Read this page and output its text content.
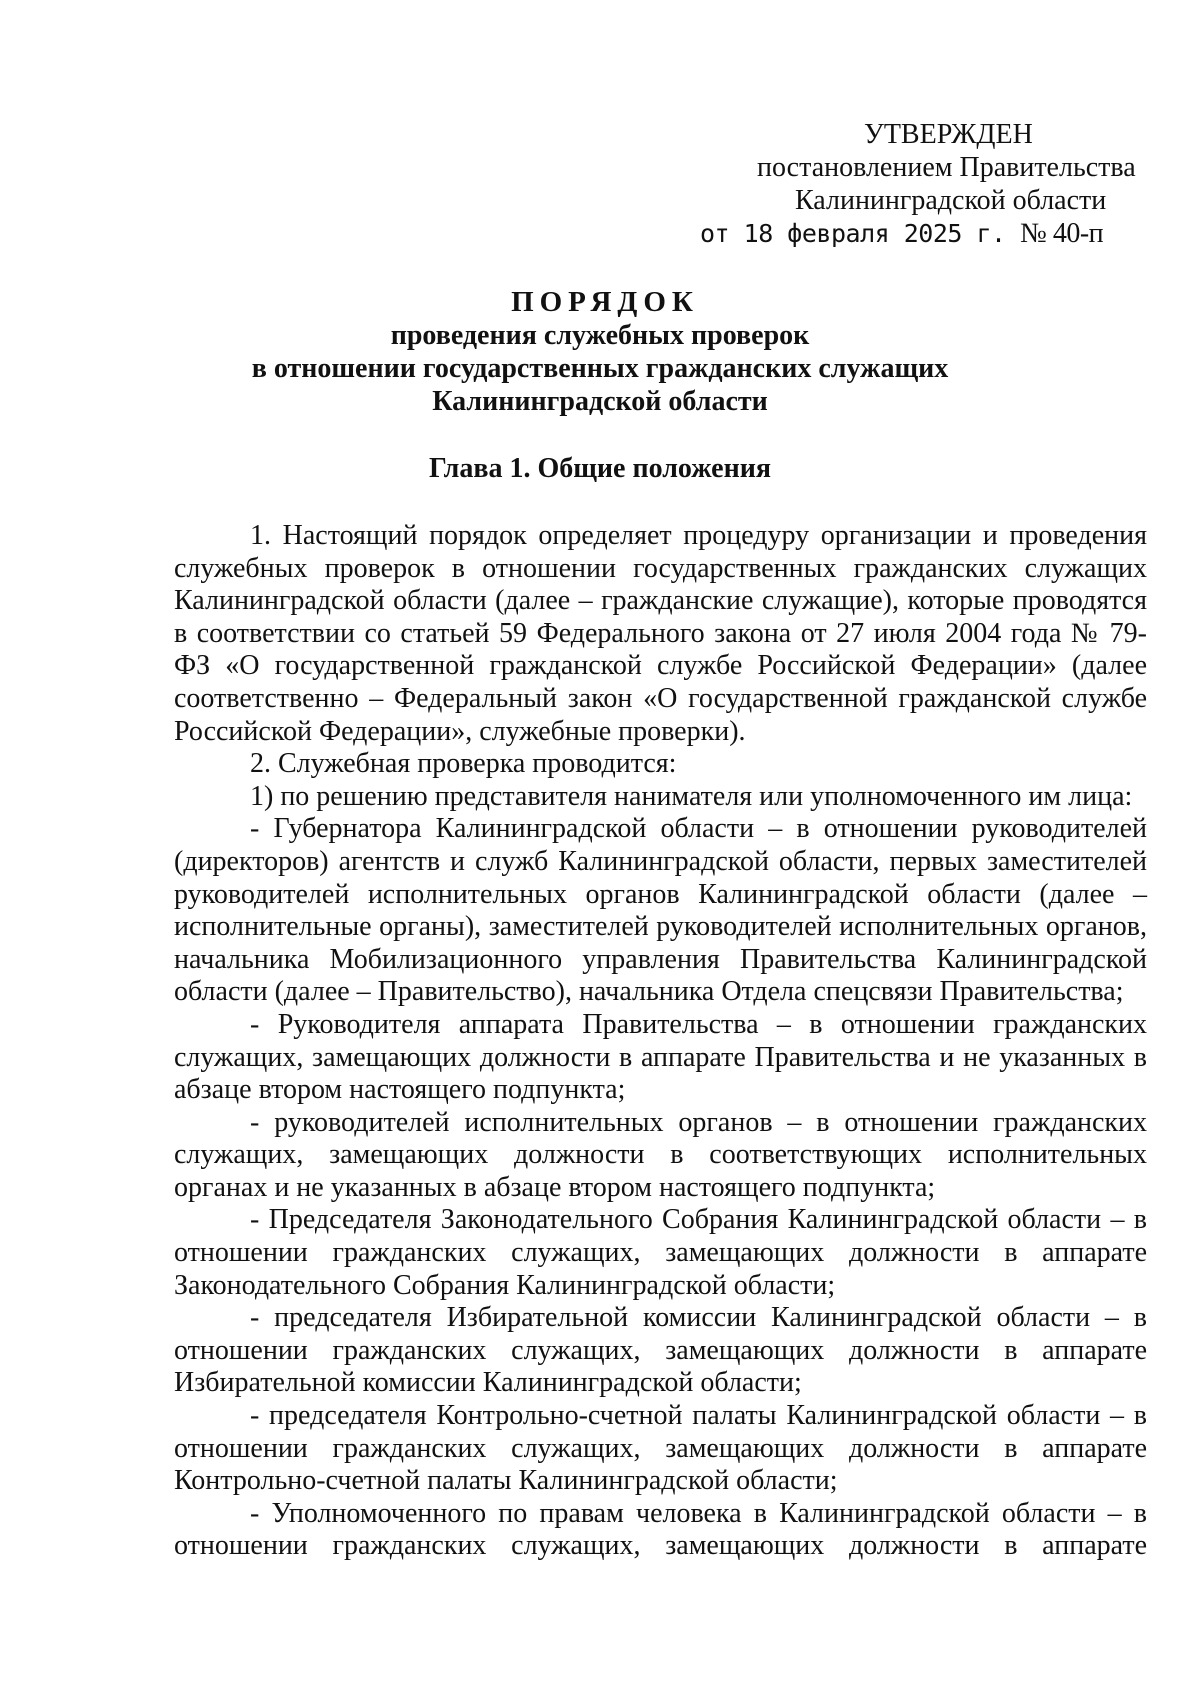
УТВЕРЖДЕН
постановлением Правительства
Калининградской области
от 18 февраля 2025 г. № 40-п
ПОРЯДОК
проведения служебных проверок
в отношении государственных гражданских служащих
Калининградской области
Глава 1. Общие положения

1. Настоящий порядок определяет процедуру организации и проведения служебных проверок в отношении государственных гражданских служащих Калининградской области (далее – гражданские служащие), которые проводятся в соответствии со статьей 59 Федерального закона от 27 июля 2004 года № 79-ФЗ «О государственной гражданской службе Российской Федерации» (далее соответственно – Федеральный закон «О государственной гражданской службе Российской Федерации», служебные проверки).

2. Служебная проверка проводится:

1) по решению представителя нанимателя или уполномоченного им лица:

- Губернатора Калининградской области – в отношении руководителей (директоров) агентств и служб Калининградской области, первых заместителей руководителей исполнительных органов Калининградской области (далее – исполнительные органы), заместителей руководителей исполнительных органов, начальника Мобилизационного управления Правительства Калининградской области (далее – Правительство), начальника Отдела спецсвязи Правительства;

- Руководителя аппарата Правительства – в отношении гражданских служащих, замещающих должности в аппарате Правительства и не указанных в абзаце втором настоящего подпункта;

- руководителей исполнительных органов – в отношении гражданских служащих, замещающих должности в соответствующих исполнительных органах и не указанных в абзаце втором настоящего подпункта;

- Председателя Законодательного Собрания Калининградской области – в отношении гражданских служащих, замещающих должности в аппарате Законодательного Собрания Калининградской области;

- председателя Избирательной комиссии Калининградской области – в отношении гражданских служащих, замещающих должности в аппарате Избирательной комиссии Калининградской области;

- председателя Контрольно-счетной палаты Калининградской области – в отношении гражданских служащих, замещающих должности в аппарате Контрольно-счетной палаты Калининградской области;

- Уполномоченного по правам человека в Калининградской области – в отношении гражданских служащих, замещающих должности в аппарате
